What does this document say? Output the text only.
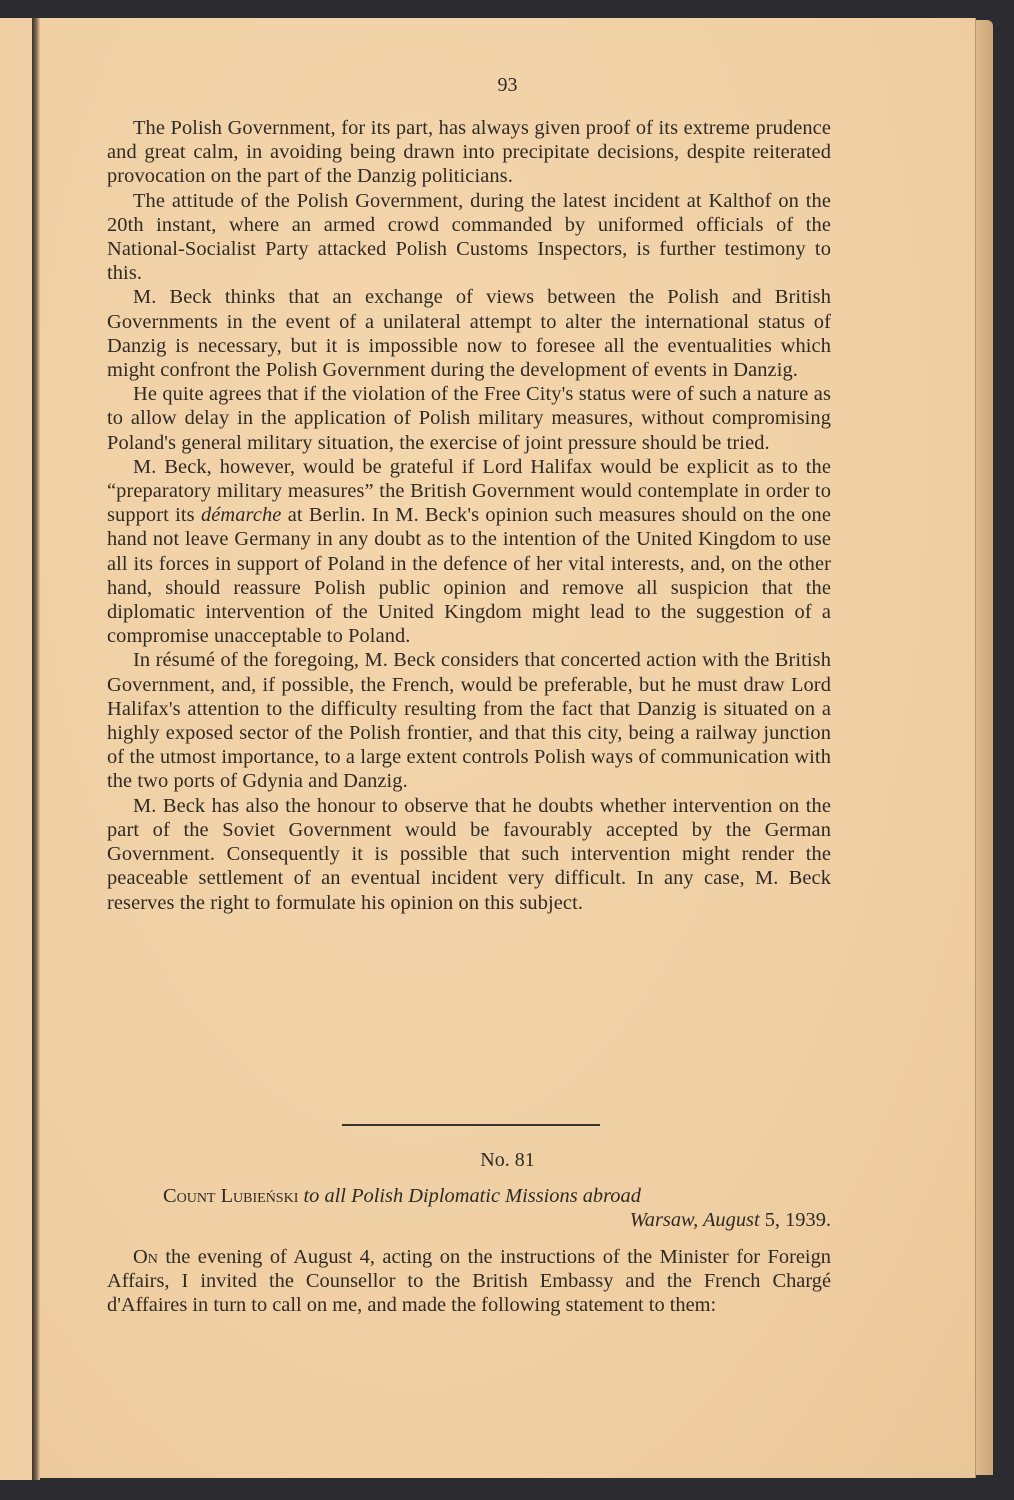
93

The Polish Government, for its part, has always given proof of its extreme prudence and great calm, in avoiding being drawn into precipitate decisions, despite reiterated provocation on the part of the Danzig politicians.

The attitude of the Polish Government, during the latest incident at Kalthof on the 20th instant, where an armed crowd commanded by uniformed officials of the National-Socialist Party attacked Polish Customs Inspectors, is further testimony to this.

M. Beck thinks that an exchange of views between the Polish and British Governments in the event of a unilateral attempt to alter the international status of Danzig is necessary, but it is impossible now to foresee all the eventualities which might confront the Polish Government during the development of events in Danzig.

He quite agrees that if the violation of the Free City's status were of such a nature as to allow delay in the application of Polish military measures, without compromising Poland's general military situation, the exercise of joint pressure should be tried.

M. Beck, however, would be grateful if Lord Halifax would be explicit as to the “preparatory military measures” the British Government would contemplate in order to support its démarche at Berlin. In M. Beck's opinion such measures should on the one hand not leave Germany in any doubt as to the intention of the United Kingdom to use all its forces in support of Poland in the defence of her vital interests, and, on the other hand, should reassure Polish public opinion and remove all suspicion that the diplomatic intervention of the United Kingdom might lead to the suggestion of a compromise unacceptable to Poland.

In résumé of the foregoing, M. Beck considers that concerted action with the British Government, and, if possible, the French, would be preferable, but he must draw Lord Halifax's attention to the difficulty resulting from the fact that Danzig is situated on a highly exposed sector of the Polish frontier, and that this city, being a railway junction of the utmost importance, to a large extent controls Polish ways of communication with the two ports of Gdynia and Danzig.

M. Beck has also the honour to observe that he doubts whether intervention on the part of the Soviet Government would be favourably accepted by the German Government. Consequently it is possible that such intervention might render the peaceable settlement of an eventual incident very difficult. In any case, M. Beck reserves the right to formulate his opinion on this subject.

No. 81
Count Lubieński to all Polish Diplomatic Missions abroad
Warsaw, August 5, 1939.

On the evening of August 4, acting on the instructions of the Minister for Foreign Affairs, I invited the Counsellor to the British Embassy and the French Chargé d'Affaires in turn to call on me, and made the following statement to them:
